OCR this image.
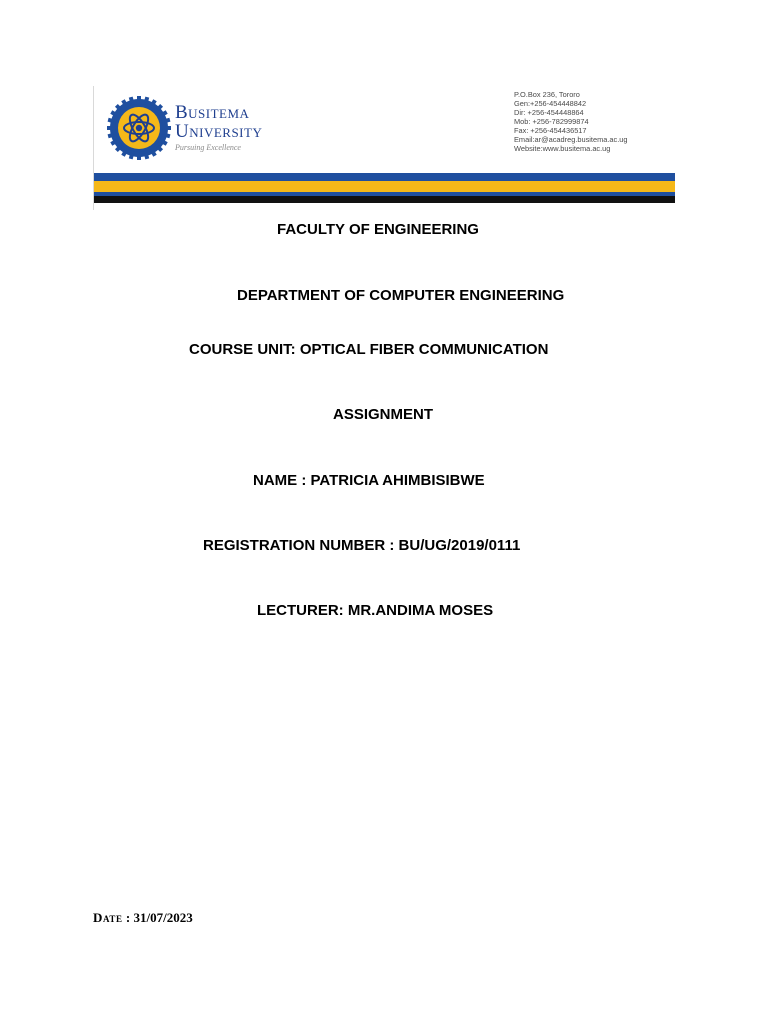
Busitema
University
Pursuing Excellence
P.O.Box 236, Tororo
Gen:+256-454448842
Dir: +256-454448864
Mob: +256-782999874
Fax: +256-454436517
Email:ar@acadreg.busitema.ac.ug
Website:www.busitema.ac.ug
FACULTY OF ENGINEERING
DEPARTMENT OF COMPUTER ENGINEERING
COURSE UNIT: OPTICAL FIBER COMMUNICATION
ASSIGNMENT
NAME : PATRICIA AHIMBISIBWE
REGISTRATION NUMBER : BU/UG/2019/0111
LECTURER: MR.ANDIMA MOSES
Date : 31/07/2023
